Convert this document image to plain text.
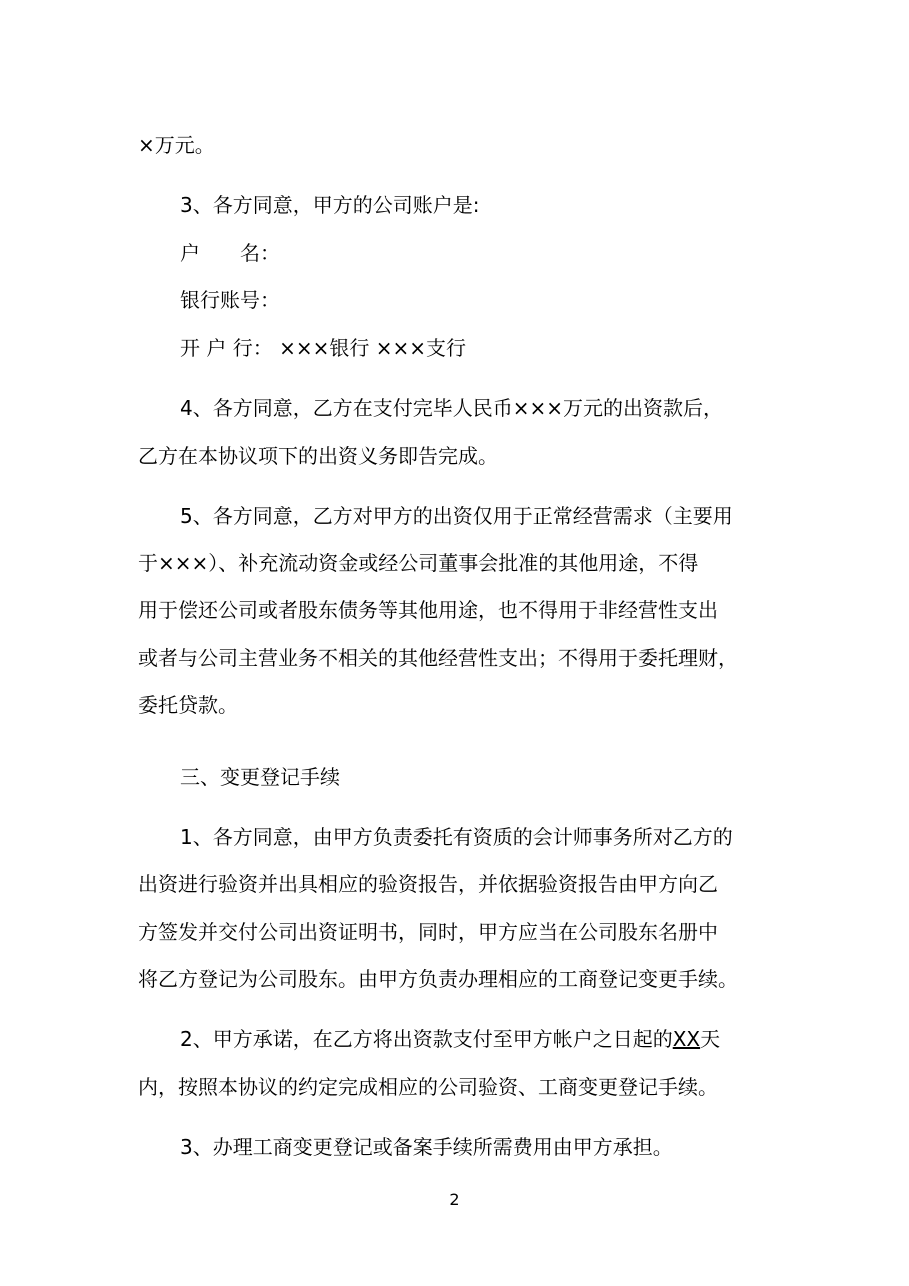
×万元。
3、各方同意，甲方的公司账户是:
户　　名：
银行账号：
开 户 行： ×××银行 ×××支行
4、各方同意，乙方在支付完毕人民币×××万元的出资款后，
乙方在本协议项下的出资义务即告完成。
5、各方同意，乙方对甲方的出资仅用于正常经营需求（主要用
于×××）、补充流动资金或经公司董事会批准的其他用途，不得
用于偿还公司或者股东债务等其他用途，也不得用于非经营性支出
或者与公司主营业务不相关的其他经营性支出；不得用于委托理财，
委托贷款。
三、变更登记手续
1、各方同意，由甲方负责委托有资质的会计师事务所对乙方的
出资进行验资并出具相应的验资报告，并依据验资报告由甲方向乙
方签发并交付公司出资证明书，同时，甲方应当在公司股东名册中
将乙方登记为公司股东。由甲方负责办理相应的工商登记变更手续。
2、甲方承诺，在乙方将出资款支付至甲方帐户之日起的XX天
内，按照本协议的约定完成相应的公司验资、工商变更登记手续。
3、办理工商变更登记或备案手续所需费用由甲方承担。
2
